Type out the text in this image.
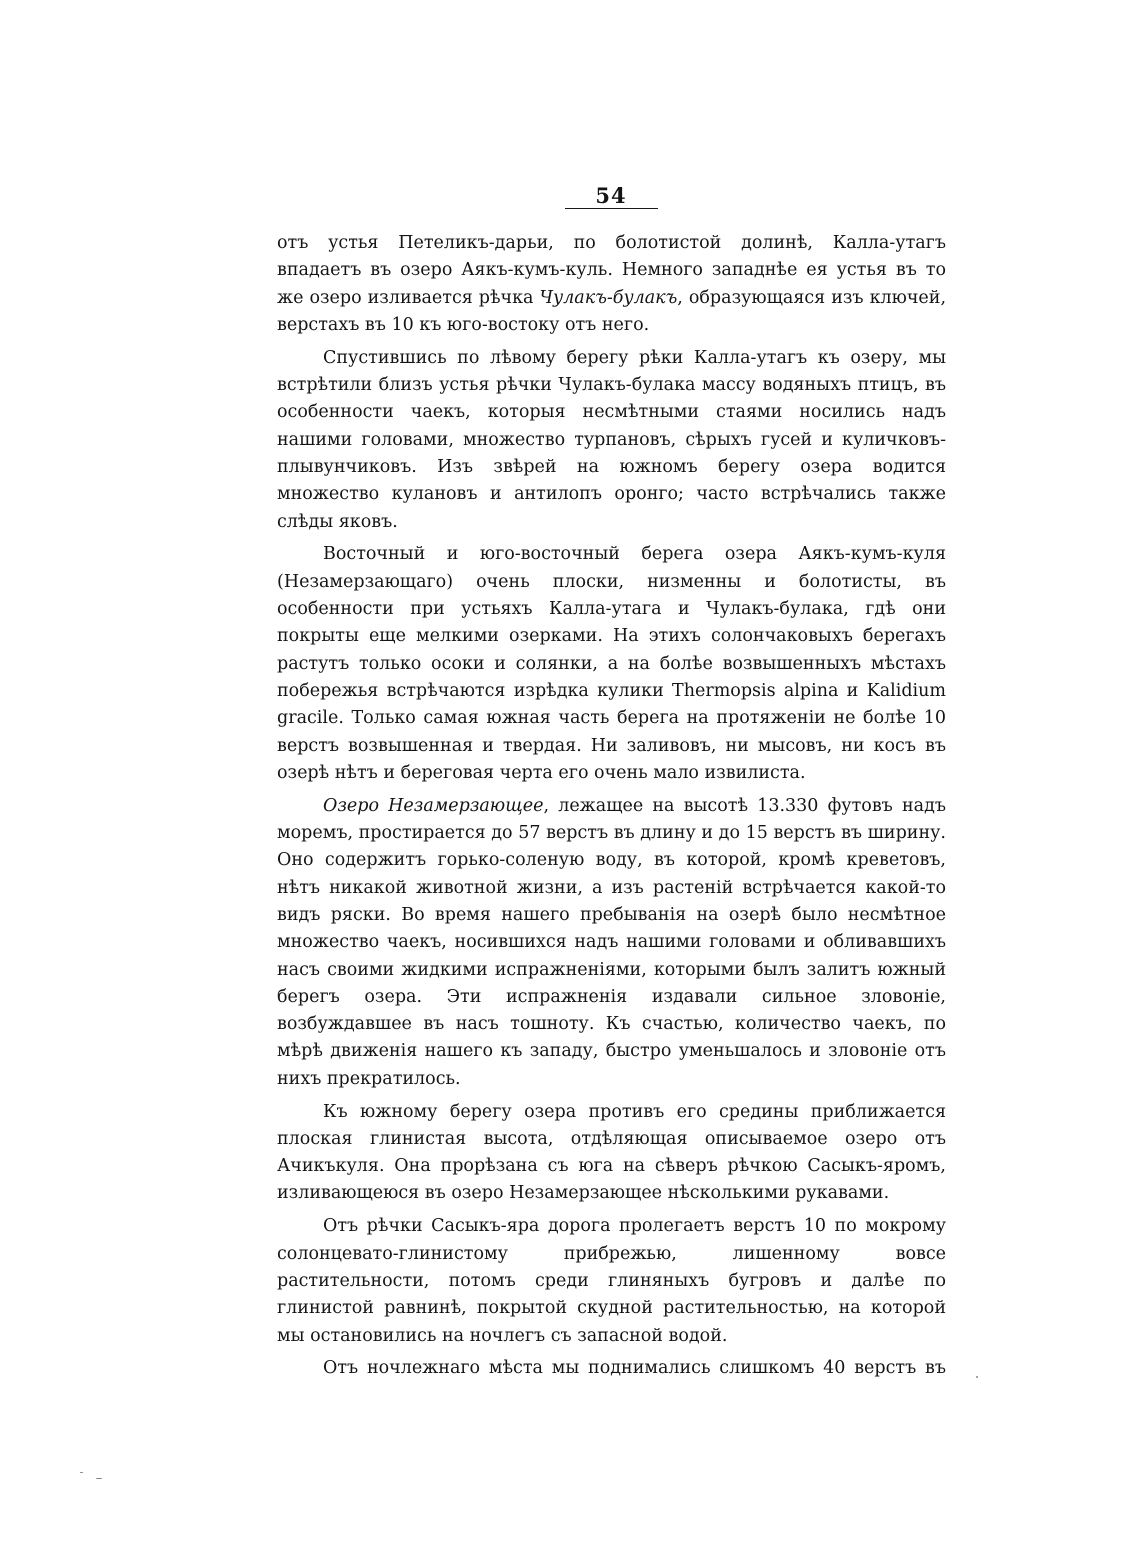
54

отъ устья Петеликъ-дарьи, по болотистой долинѣ, Калла-утагъ впадаетъ въ озеро Аякъ-кумъ-куль. Немного западнѣе ея устья въ то же озеро изливается рѣчка Чулакъ-булакъ, образующаяся изъ ключей, верстахъ въ 10 къ юго-востоку отъ него.

Спустившись по лѣвому берегу рѣки Калла-утагъ къ озеру, мы встрѣтили близъ устья рѣчки Чулакъ-булака массу водяныхъ птицъ, въ особенности чаекъ, которыя несмѣтными стаями носились надъ нашими головами, множество турпановъ, сѣрыхъ гусей и куличковъ-плывунчиковъ. Изъ звѣрей на южномъ берегу озера водится множество кулановъ и антилопъ оронго; часто встрѣчались также слѣды яковъ.

Восточный и юго-восточный берега озера Аякъ-кумъ-куля (Незамерзающаго) очень плоски, низменны и болотисты, въ особенности при устьяхъ Калла-утага и Чулакъ-булака, гдѣ они покрыты еще мелкими озерками. На этихъ солончаковыхъ берегахъ растутъ только осоки и солянки, а на болѣе возвышенныхъ мѣстахъ побережья встрѣчаются изрѣдка кулики Thermopsis alpina и Kalidium gracile. Только самая южная часть берега на протяженіи не болѣе 10 верстъ возвышенная и твердая. Ни заливовъ, ни мысовъ, ни косъ въ озерѣ нѣтъ и береговая черта его очень мало извилиста.

Озеро Незамерзающее, лежащее на высотѣ 13.330 футовъ надъ моремъ, простирается до 57 верстъ въ длину и до 15 верстъ въ ширину. Оно содержитъ горько-соленую воду, въ которой, кромѣ креветовъ, нѣтъ никакой животной жизни, а изъ растеній встрѣчается какой-то видъ ряски. Во время нашего пребыванія на озерѣ было несмѣтное множество чаекъ, носившихся надъ нашими головами и обливавшихъ насъ своими жидкими испражненіями, которыми былъ залитъ южный берегъ озера. Эти испражненія издавали сильное зловоніе, возбуждавшее въ насъ тошноту. Къ счастью, количество чаекъ, по мѣрѣ движенія нашего къ западу, быстро уменьшалось и зловоніе отъ нихъ прекратилось.

Къ южному берегу озера противъ его средины приближается плоская глинистая высота, отдѣляющая описываемое озеро отъ Ачикъкуля. Она прорѣзана съ юга на сѣверъ рѣчкою Сасыкъ-яромъ, изливающеюся въ озеро Незамерзающее нѣсколькими рукавами.

Отъ рѣчки Сасыкъ-яра дорога пролегаетъ верстъ 10 по мокрому солонцевато-глинистому прибрежью, лишенному вовсе растительности, потомъ среди глиняныхъ бугровъ и далѣе по глинистой равнинѣ, покрытой скудной растительностью, на которой мы остановились на ночлегъ съ запасной водой.

Отъ ночлежнаго мѣста мы поднимались слишкомъ 40 верстъ въ
